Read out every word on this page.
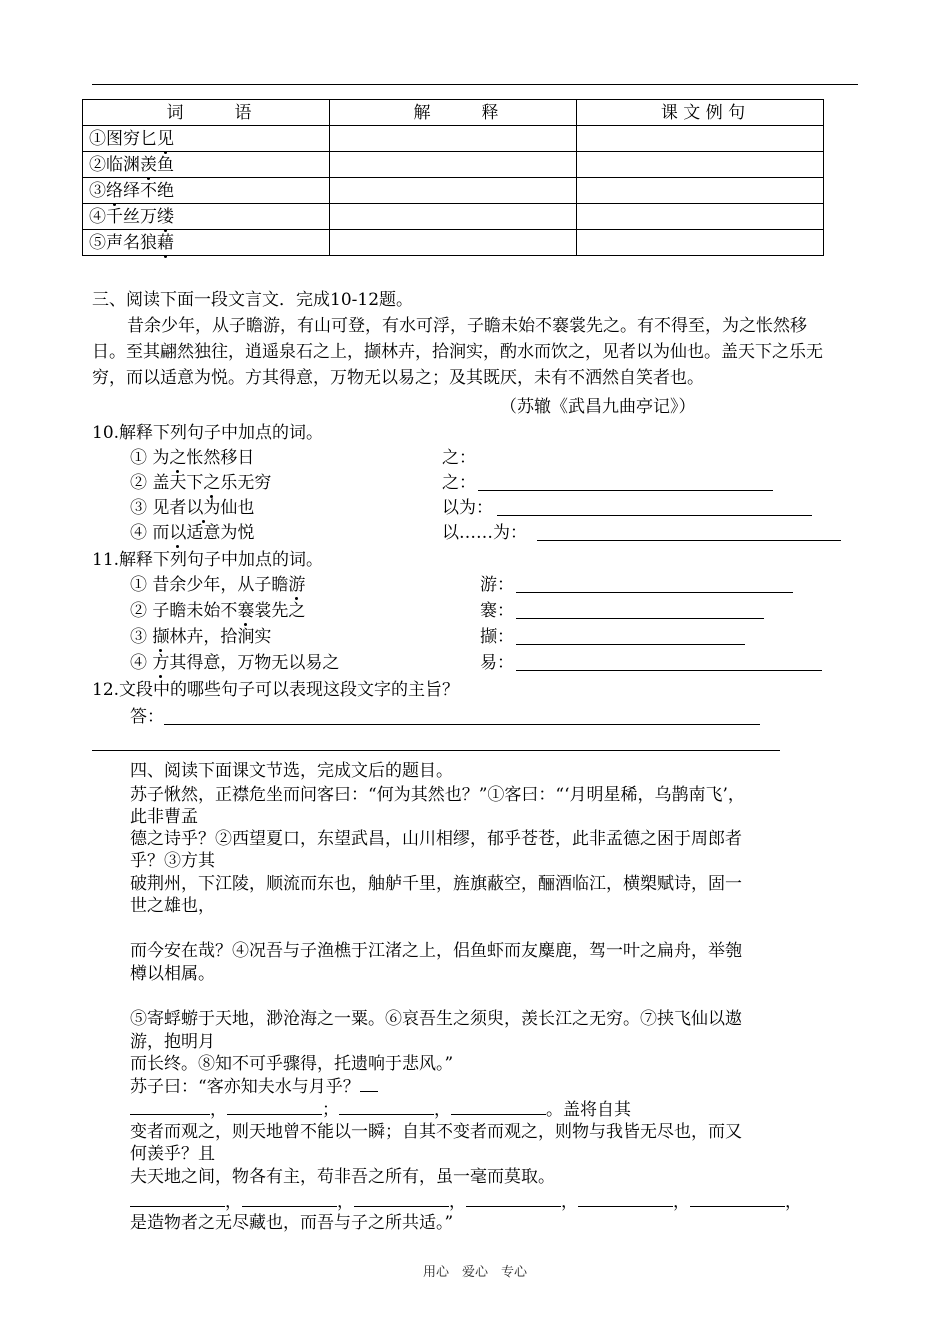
词　　　语	解　　　释	课 文 例 句
①图穷匕见		
②临渊羡鱼		
③络绎不绝		
④千丝万缕		
⑤声名狼藉		
三、阅读下面一段文言文．完成10-12题。
昔余少年，从子瞻游，有山可登，有水可浮，子瞻未始不褰裳先之。有不得至，为之怅然移
日。至其翩然独往，逍遥泉石之上，撷林卉，拾涧实，酌水而饮之，见者以为仙也。盖天下之乐无
穷，而以适意为悦。方其得意，万物无以易之；及其既厌，未有不洒然自笑者也。
（苏辙《武昌九曲亭记》）
10.解释下列句子中加点的词。
① 为之怅然移日	之：
② 盖天下之乐无穷	之：
③ 见者以为仙也	以为：
④ 而以适意为悦	以……为：
11.解释下列句子中加点的词。
① 昔余少年，从子瞻游	游：
② 子瞻未始不褰裳先之	褰：
③ 撷林卉，拾涧实	撷：
④ 方其得意，万物无以易之	易：
12.文段中的哪些句子可以表现这段文字的主旨？
答：
四、阅读下面课文节选，完成文后的题目。
苏子愀然，正襟危坐而问客曰：“何为其然也？”①客曰：“‘月明星稀，乌鹊南飞’，
此非曹孟
德之诗乎？②西望夏口，东望武昌，山川相缪，郁乎苍苍，此非孟德之困于周郎者
乎？③方其
破荆州，下江陵，顺流而东也，舳舻千里，旌旗蔽空，酾酒临江，横槊赋诗，固一
世之雄也，
而今安在哉？④况吾与子渔樵于江渚之上，侣鱼虾而友麋鹿，驾一叶之扁舟，举匏
樽以相属。
⑤寄蜉蝣于天地，渺沧海之一粟。⑥哀吾生之须臾，羡长江之无穷。⑦挟飞仙以遨
游，抱明月
而长终。⑧知不可乎骤得，托遗响于悲风。”
苏子曰：“客亦知夫水与月乎？
，	；	，	。盖将自其
变者而观之，则天地曾不能以一瞬；自其不变者而观之，则物与我皆无尽也，而又
何羡乎？且
夫天地之间，物各有主，苟非吾之所有，虽一毫而莫取。
，	，	，	，	，	，
是造物者之无尽藏也，而吾与子之所共适。”
用心　爱心　专心
